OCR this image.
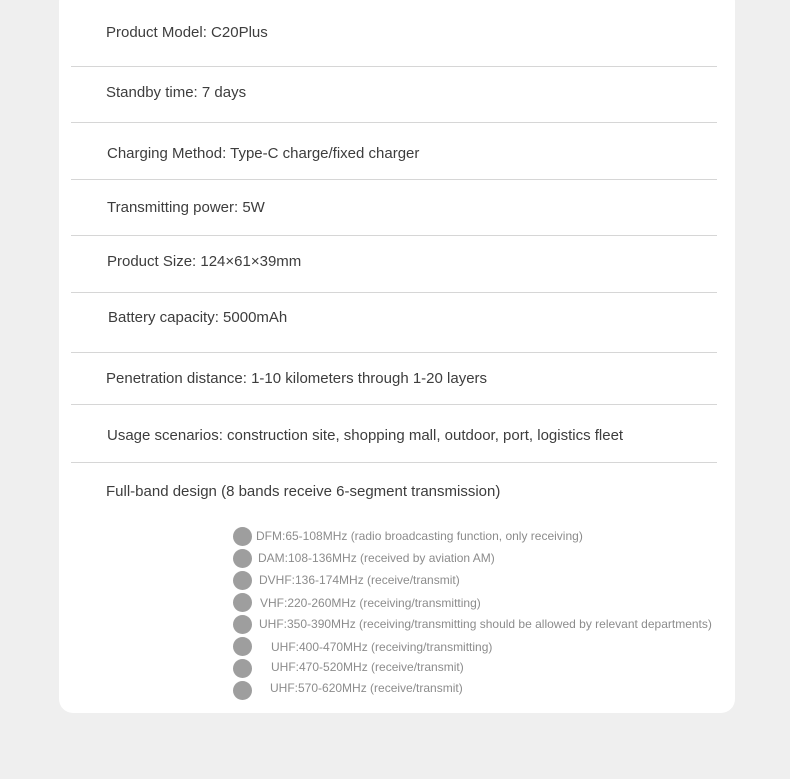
Product Model: C20Plus
Standby time: 7 days
Charging Method: Type-C charge/fixed charger
Transmitting power: 5W
Product Size: 124×61×39mm
Battery capacity: 5000mAh
Penetration distance: 1-10 kilometers through 1-20 layers
Usage scenarios: construction site, shopping mall, outdoor, port, logistics fleet
Full-band design (8 bands receive 6-segment transmission)
DFM:65-108MHz (radio broadcasting function, only receiving)
DAM:108-136MHz (received by aviation AM)
DVHF:136-174MHz (receive/transmit)
VHF:220-260MHz (receiving/transmitting)
UHF:350-390MHz (receiving/transmitting should be allowed by relevant departments)
UHF:400-470MHz (receiving/transmitting)
UHF:470-520MHz (receive/transmit)
UHF:570-620MHz (receive/transmit)
